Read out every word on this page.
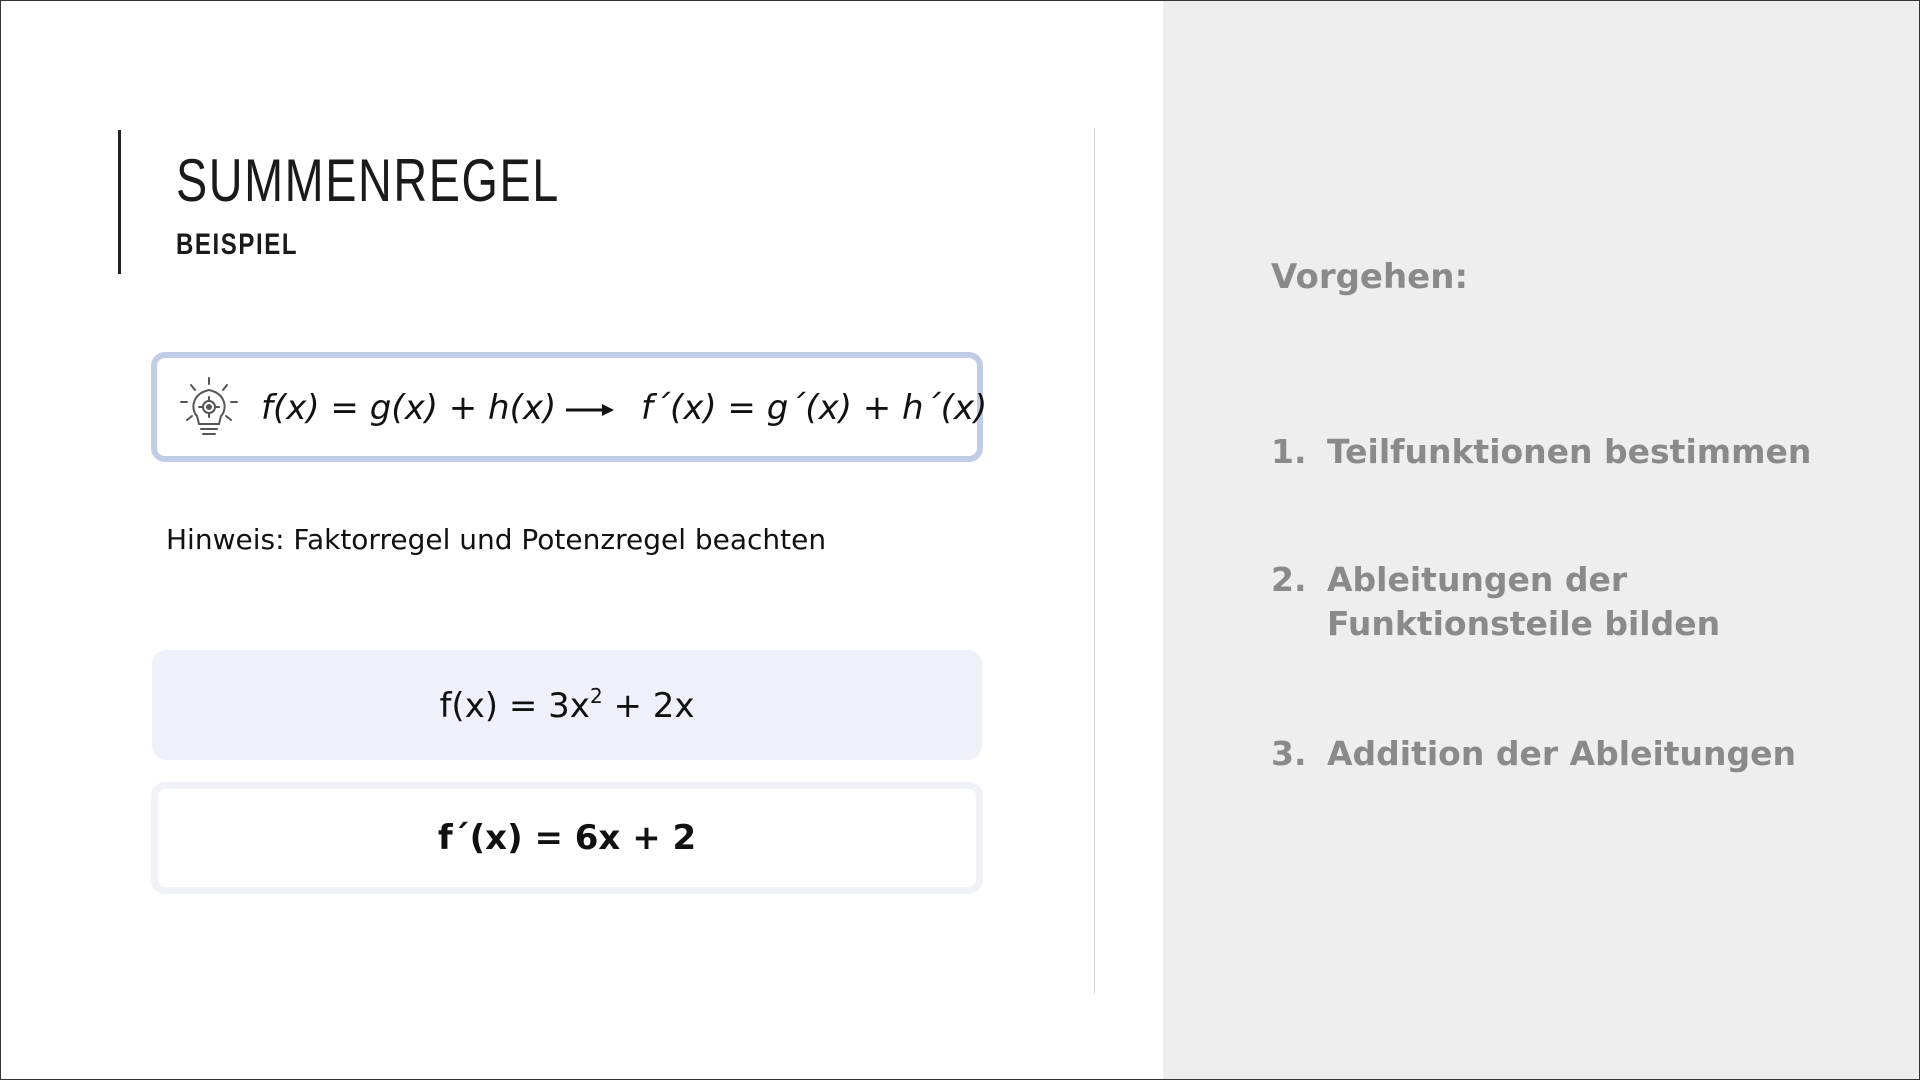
SUMMENREGEL
BEISPIEL
f(x) = g(x) + h(x) f´(x) = g´(x) + h´(x)

Hinweis: Faktorregel und Potenzregel beachten

$f(x) = 3x^2 + 2x$
f´(x) = 6x + 2
Vorgehen:
1. Teilfunktionen bestimmen
2. Ableitungen der Funktionsteile bilden
3. Addition der Ableitungen
